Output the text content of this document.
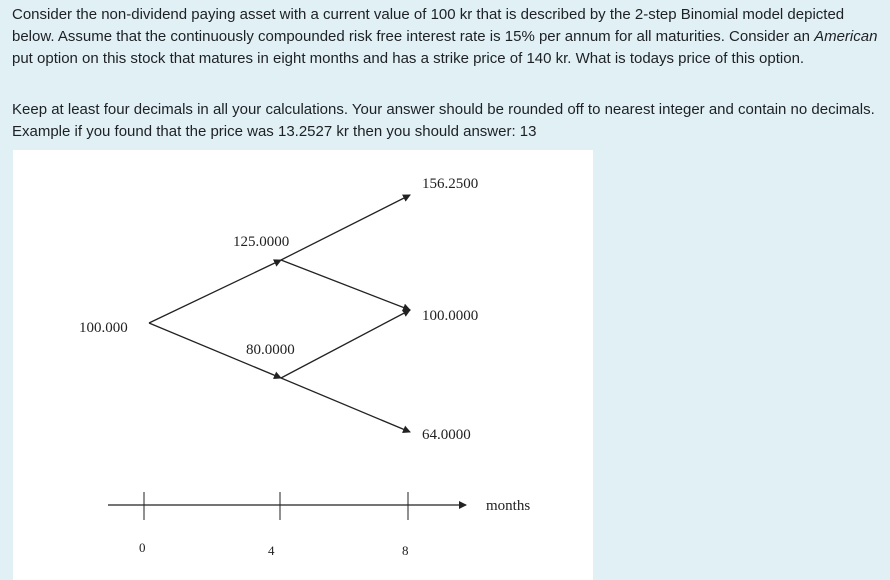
Consider the non-dividend paying asset with a current value of 100 kr that is described by the 2-step Binomial model depicted below. Assume that the continuously compounded risk free interest rate is 15% per annum for all maturities. Consider an American put option on this stock that matures in eight months and has a strike price of 140 kr. What is todays price of this option.

Keep at least four decimals in all your calculations. Your answer should be rounded off to nearest integer and contain no decimals. Example if you found that the price was 13.2527 kr then you should answer: 13

100.000
125.0000
80.0000
156.2500
100.0000
64.0000
months
0	4	8
